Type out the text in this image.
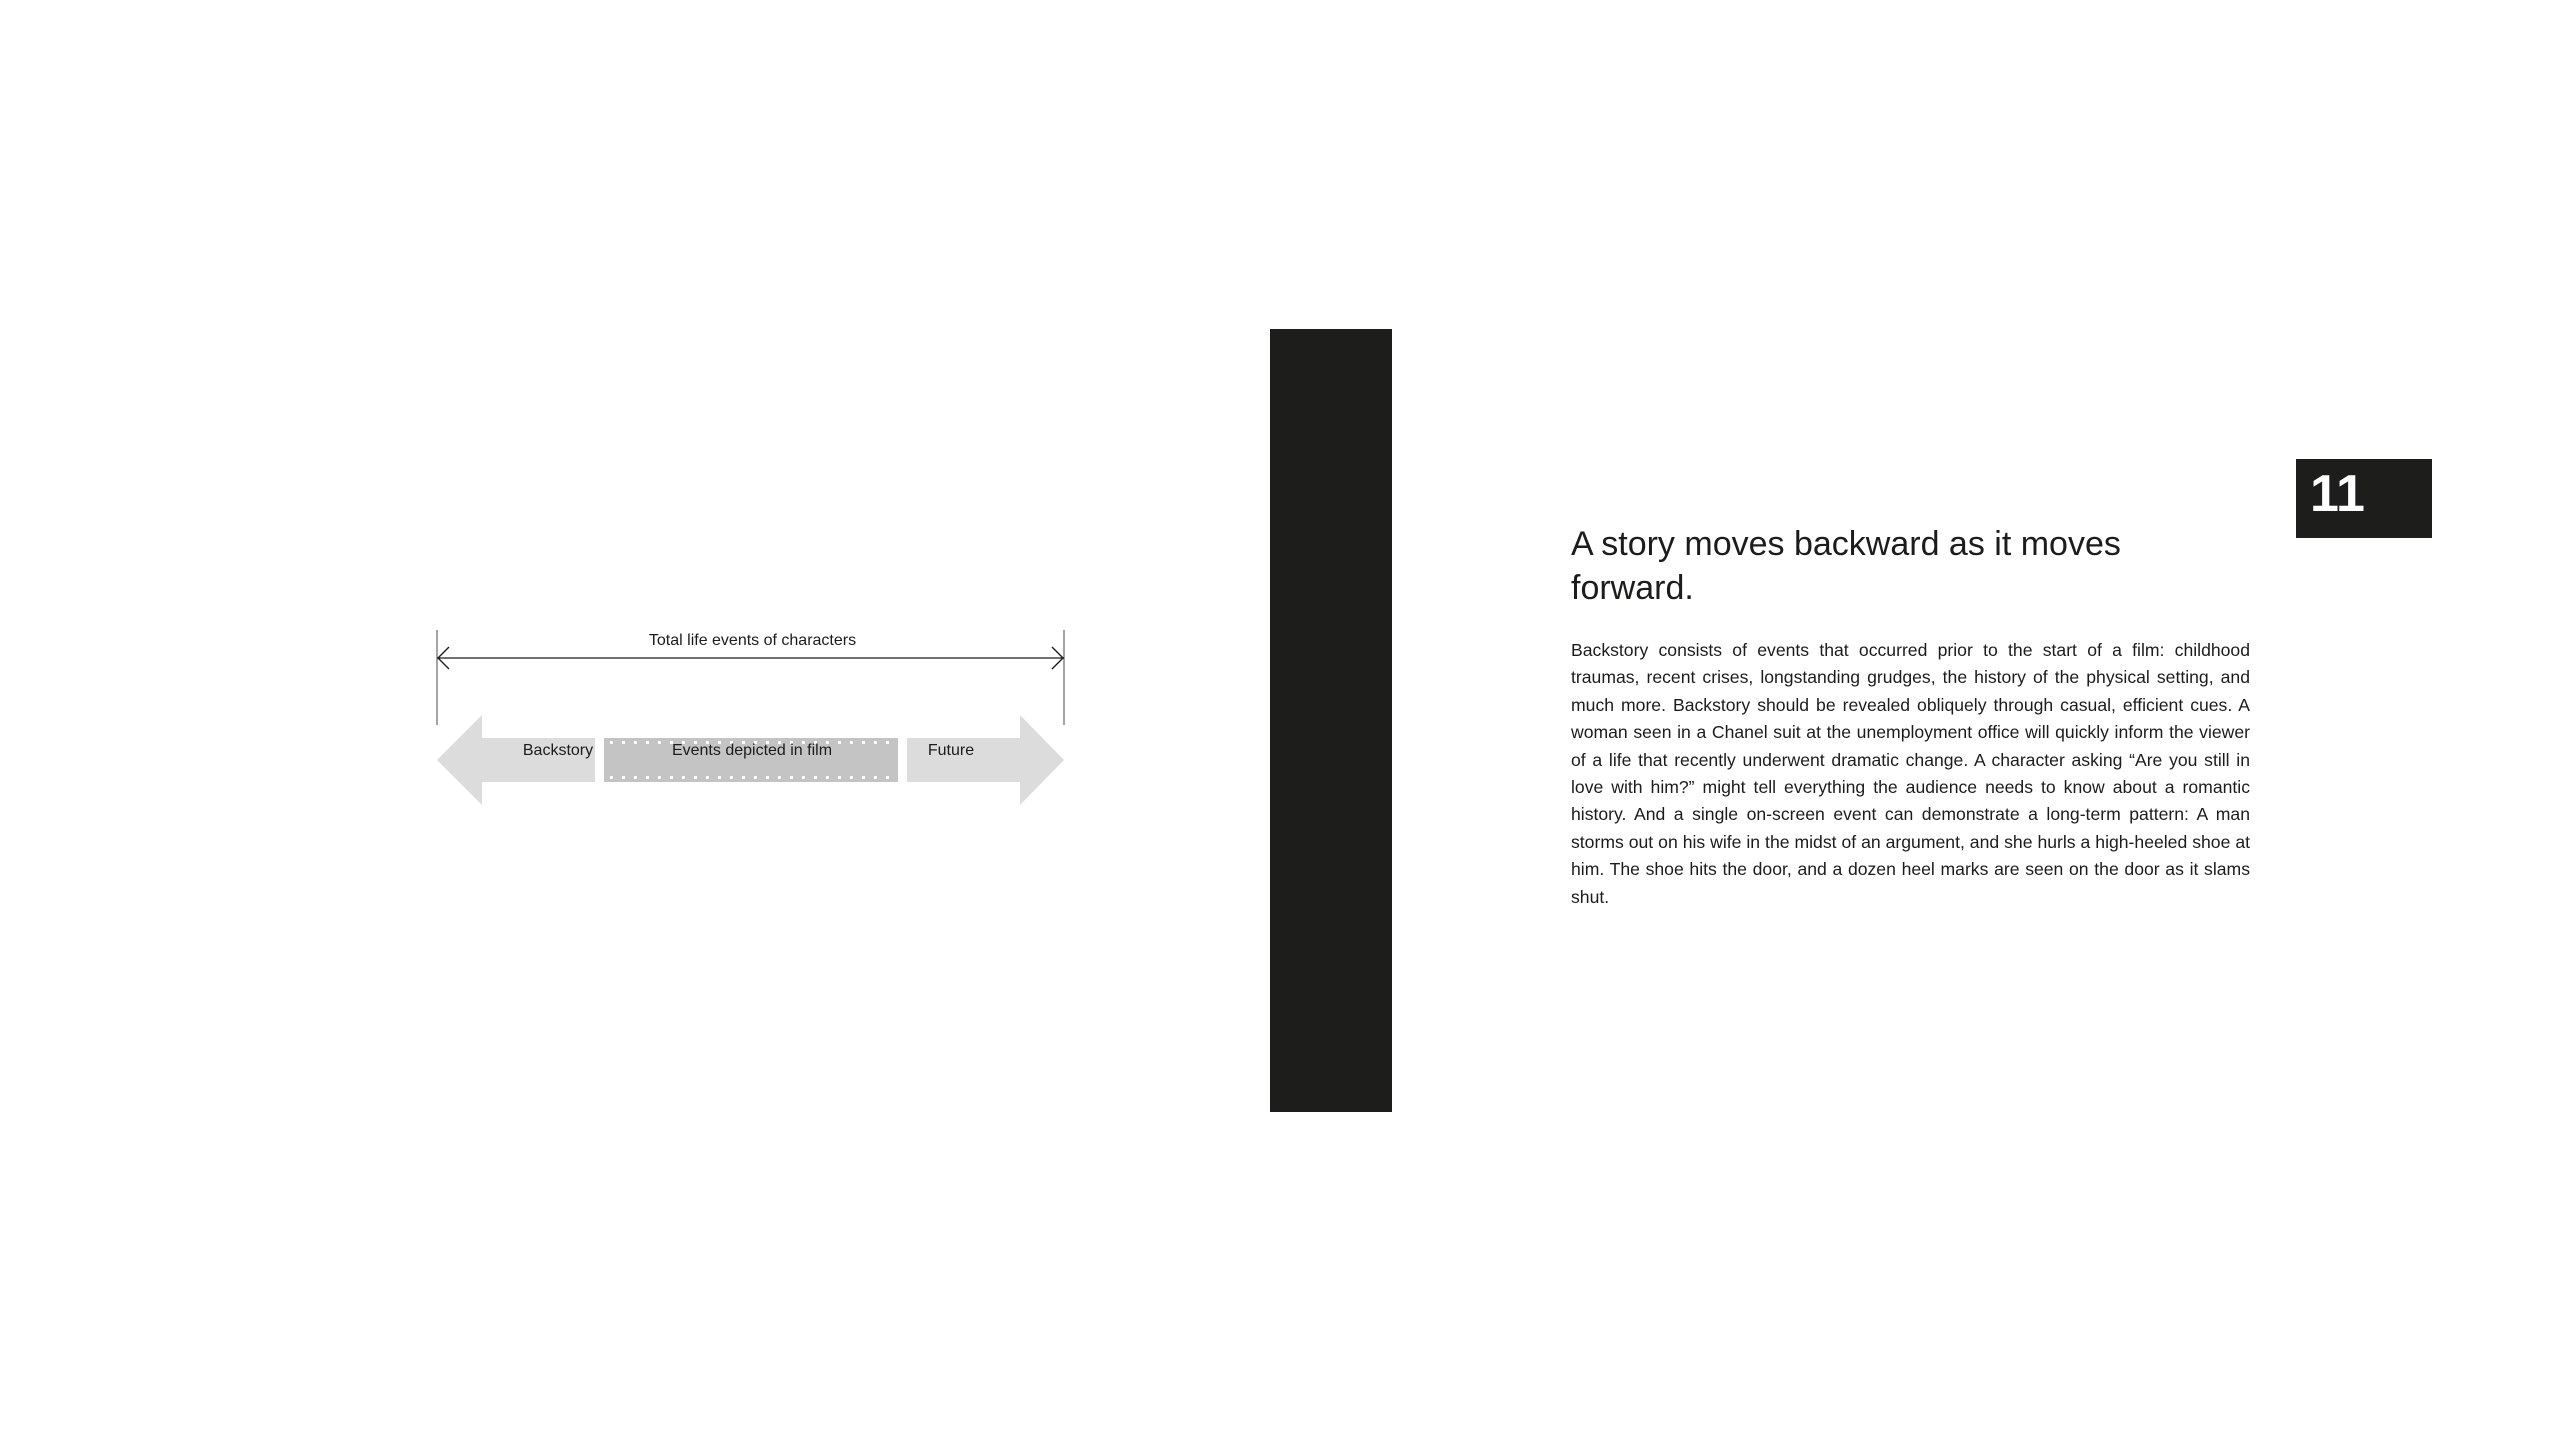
Total life events of characters
Backstory	Events depicted in film	Future
11
A story moves backward as it moves forward.

Backstory consists of events that occurred prior to the start of a film: childhood traumas, recent crises, longstanding grudges, the history of the physical setting, and much more. Backstory should be revealed obliquely through casual, efficient cues. A woman seen in a Chanel suit at the unemployment office will quickly inform the viewer of a life that recently underwent dramatic change. A character asking “Are you still in love with him?” might tell everything the audience needs to know about a romantic history. And a single on-screen event can demonstrate a long-term pattern: A man storms out on his wife in the midst of an argument, and she hurls a high-heeled shoe at him. The shoe hits the door, and a dozen heel marks are seen on the door as it slams shut.
